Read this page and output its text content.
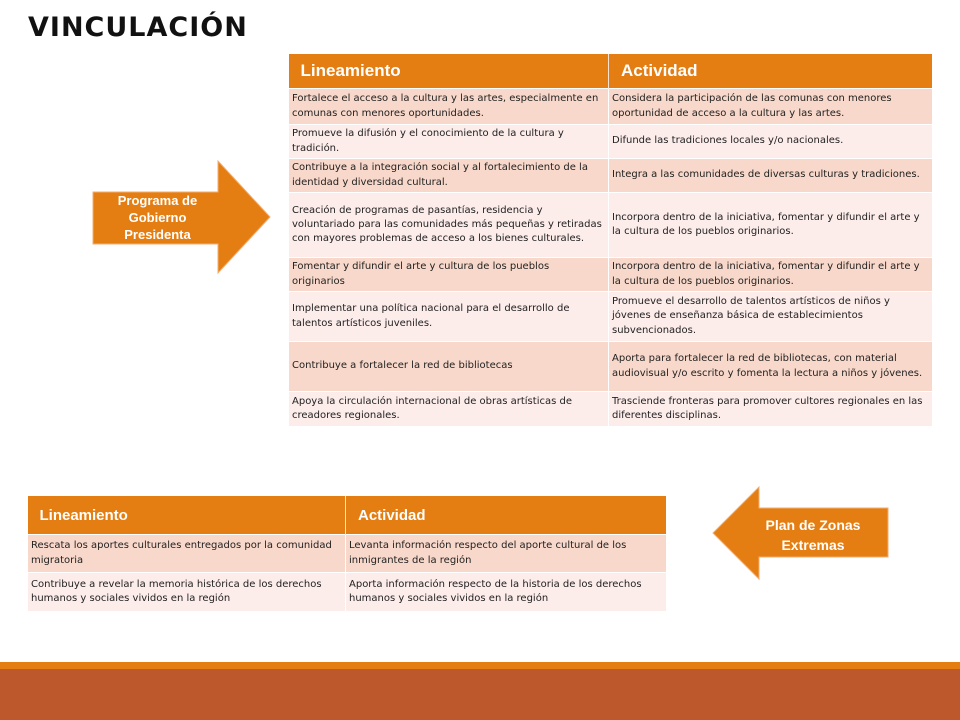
VINCULACIÓN
Lineamiento	Actividad
Fortalece el acceso a la cultura y las artes, especialmente en comunas con menores oportunidades.	Considera la participación de las comunas con menores oportunidad de acceso a la cultura y las artes.
Promueve la difusión y el conocimiento de la cultura y tradición.	Difunde las tradiciones locales y/o nacionales.
Contribuye a la integración social y al fortalecimiento de la identidad y diversidad cultural.	Integra a las comunidades de diversas culturas y tradiciones.
Creación de programas de pasantías, residencia y voluntariado para las comunidades más pequeñas y retiradas con mayores problemas de acceso a los bienes culturales.	Incorpora dentro de la iniciativa, fomentar y difundir el arte y la cultura de los pueblos originarios.
Fomentar y difundir el arte y cultura de los pueblos originarios	Incorpora dentro de la iniciativa, fomentar y difundir el arte y la cultura de los pueblos originarios.
Implementar una política nacional para el desarrollo de talentos artísticos juveniles.	Promueve el desarrollo de talentos artísticos de niños y jóvenes de enseñanza básica de establecimientos subvencionados.
Contribuye a fortalecer la red de bibliotecas	Aporta para fortalecer la red de bibliotecas, con material audiovisual y/o escrito y fomenta la lectura a niños y jóvenes.
Apoya la circulación internacional de obras artísticas de creadores regionales.	Trasciende fronteras para promover cultores regionales en las diferentes disciplinas.
Programa de Gobierno Presidenta
Lineamiento	Actividad
Rescata los aportes culturales entregados por la comunidad migratoria	Levanta información respecto del aporte cultural de los inmigrantes de la región
Contribuye a revelar la memoria histórica de los derechos humanos y sociales vividos en la región	Aporta información respecto de la historia de los derechos humanos y sociales vividos en la región
Plan de Zonas Extremas
